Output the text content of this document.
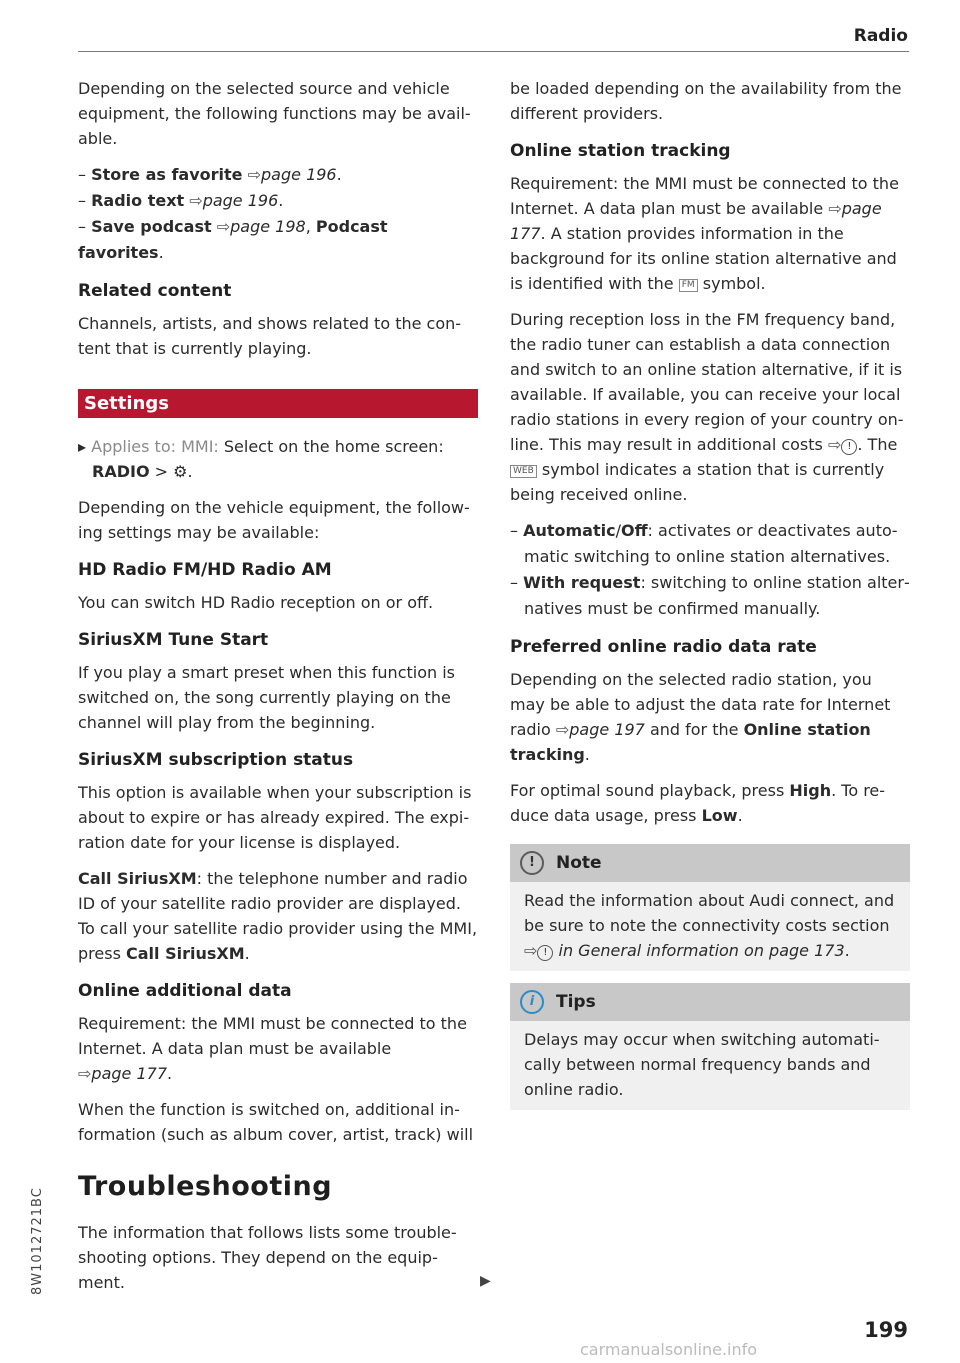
Radio

Depending on the selected source and vehicle equipment, the following functions may be available.

– Store as favorite ⇨page 196.
– Radio text ⇨page 196.
– Save podcast ⇨page 198, Podcast favorites.
Related content

Channels, artists, and shows related to the content that is currently playing.

Settings

▸ Applies to: MMI: Select on the home screen:
RADIO > ⚙.

Depending on the vehicle equipment, the following settings may be available:

HD Radio FM/HD Radio AM

You can switch HD Radio reception on or off.

SiriusXM Tune Start

If you play a smart preset when this function is switched on, the song currently playing on the channel will play from the beginning.

SiriusXM subscription status

This option is available when your subscription is about to expire or has already expired. The expiration date for your license is displayed.

Call SiriusXM: the telephone number and radio ID of your satellite radio provider are displayed. To call your satellite radio provider using the MMI, press Call SiriusXM.

Online additional data

Requirement: the MMI must be connected to the Internet. A data plan must be available
⇨page 177.

When the function is switched on, additional information (such as album cover, artist, track) will

Troubleshooting

The information that follows lists some troubleshooting options. They depend on the equipment.

be loaded depending on the availability from the different providers.

Online station tracking

Requirement: the MMI must be connected to the Internet. A data plan must be available ⇨page 177. A station provides information in the background for its online station alternative and is identified with the FM symbol.

During reception loss in the FM frequency band, the radio tuner can establish a data connection and switch to an online station alternative, if it is available. If available, you can receive your local radio stations in every region of your country online. This may result in additional costs ⇨ ! . The WEB symbol indicates a station that is currently being received online.

– Automatic/Off: activates or deactivates automatic switching to online station alternatives.
– With request: switching to online station alternatives must be confirmed manually.
Preferred online radio data rate

Depending on the selected radio station, you may be able to adjust the data rate for Internet radio ⇨page 197 and for the Online station tracking.

For optimal sound playback, press High. To reduce data usage, press Low.

! Note

Read the information about Audi connect, and be sure to note the connectivity costs section ⇨ ! in General information on page 173.

i Tips

Delays may occur when switching automatically between normal frequency bands and online radio.

▶
8W1012721BC
199
carmanualsonline.info
